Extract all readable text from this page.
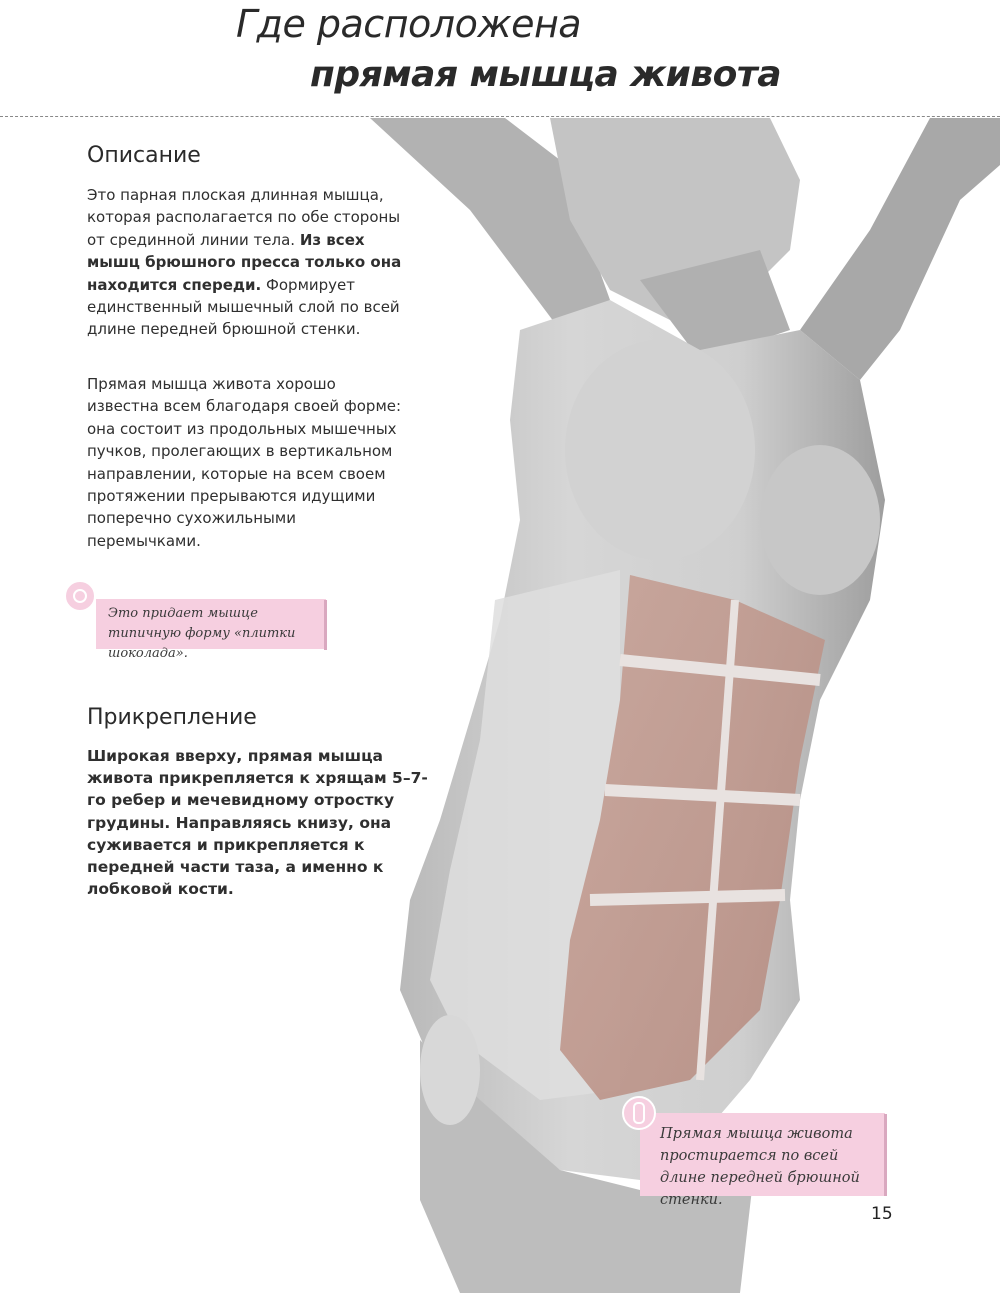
Где расположена
прямая мышца живота
Описание
Это парная плоская длинная мышца, которая располагается по обе стороны от срединной линии тела. Из всех мышц брюшного пресса только она находится спереди. Формирует единственный мышечный слой по всей длине передней брюшной стенки.
Прямая мышца живота хорошо известна всем благодаря своей форме: она состоит из продольных мышечных пучков, пролегающих в вертикальном направлении, которые на всем своем протяжении прерываются идущими поперечно сухожильными перемычками.
Это придает мышце типичную форму «плитки шоколада».
Прикрепление
Широкая вверху, прямая мышца живота прикрепляется к хрящам 5–7-го ребер и мечевидному отростку грудины. Направляясь книзу, она суживается и прикрепляется к передней части таза, а именно к лобковой кости.
Прямая мышца живота простирается по всей длине передней брюшной стенки.
15
